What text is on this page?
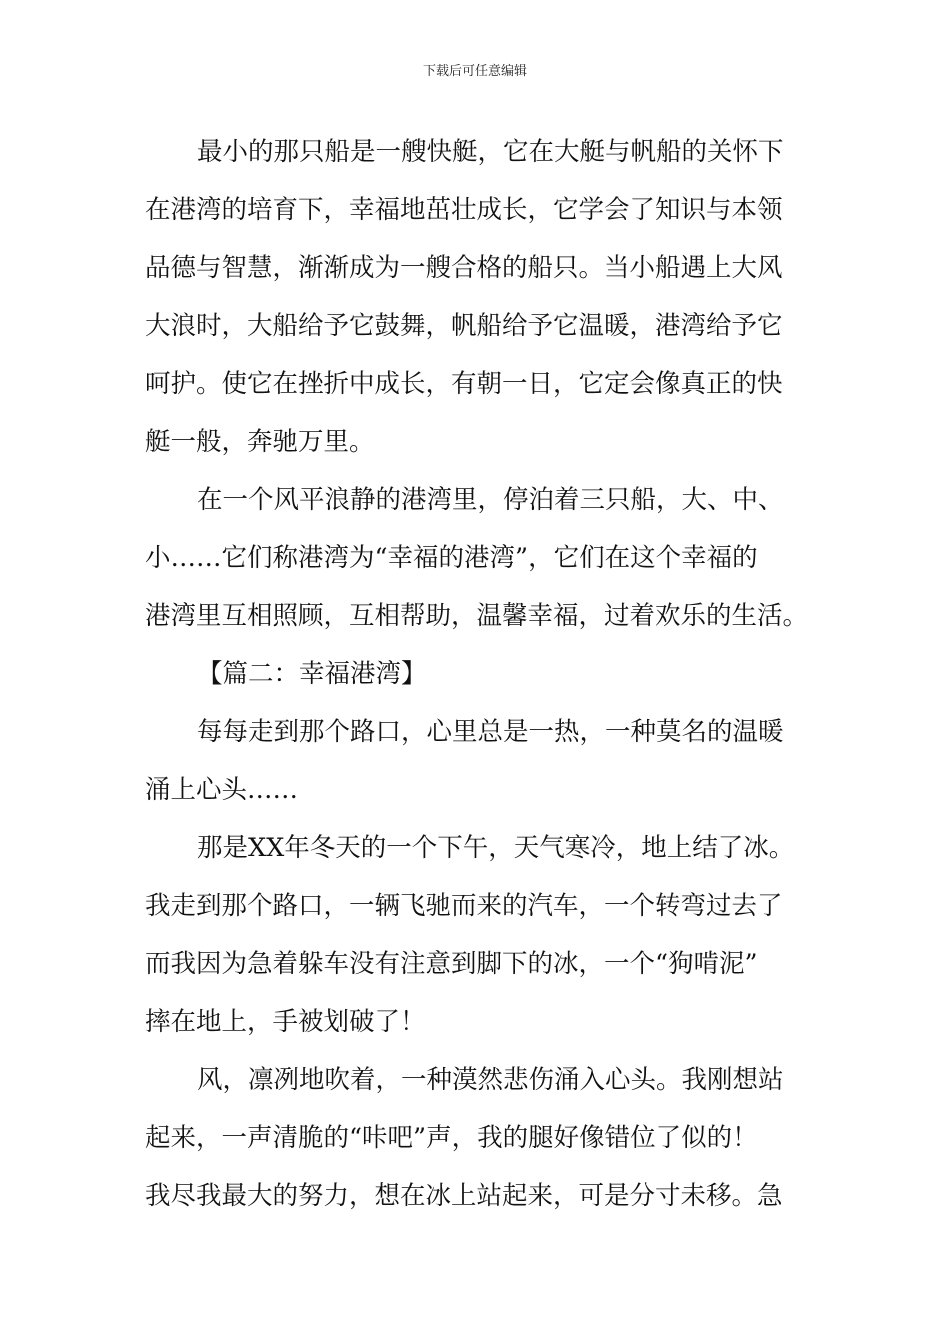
下载后可任意编辑
最小的那只船是一艘快艇，它在大艇与帆船的关怀下
在港湾的培育下，幸福地茁壮成长，它学会了知识与本领
品德与智慧，渐渐成为一艘合格的船只。当小船遇上大风
大浪时，大船给予它鼓舞，帆船给予它温暖，港湾给予它
呵护。使它在挫折中成长，有朝一日，它定会像真正的快
艇一般，奔驰万里。
在一个风平浪静的港湾里，停泊着三只船，大、中、
小……它们称港湾为“幸福的港湾”，它们在这个幸福的
港湾里互相照顾，互相帮助，温馨幸福，过着欢乐的生活。
【篇二：幸福港湾】
每每走到那个路口，心里总是一热，一种莫名的温暖
涌上心头……
那是XX年冬天的一个下午，天气寒冷，地上结了冰。
我走到那个路口，一辆飞驰而来的汽车，一个转弯过去了
而我因为急着躲车没有注意到脚下的冰，一个“狗啃泥”
摔在地上，手被划破了！
风，凛冽地吹着，一种漠然悲伤涌入心头。我刚想站
起来，一声清脆的“咔吧”声，我的腿好像错位了似的！
我尽我最大的努力，想在冰上站起来，可是分寸未移。急
